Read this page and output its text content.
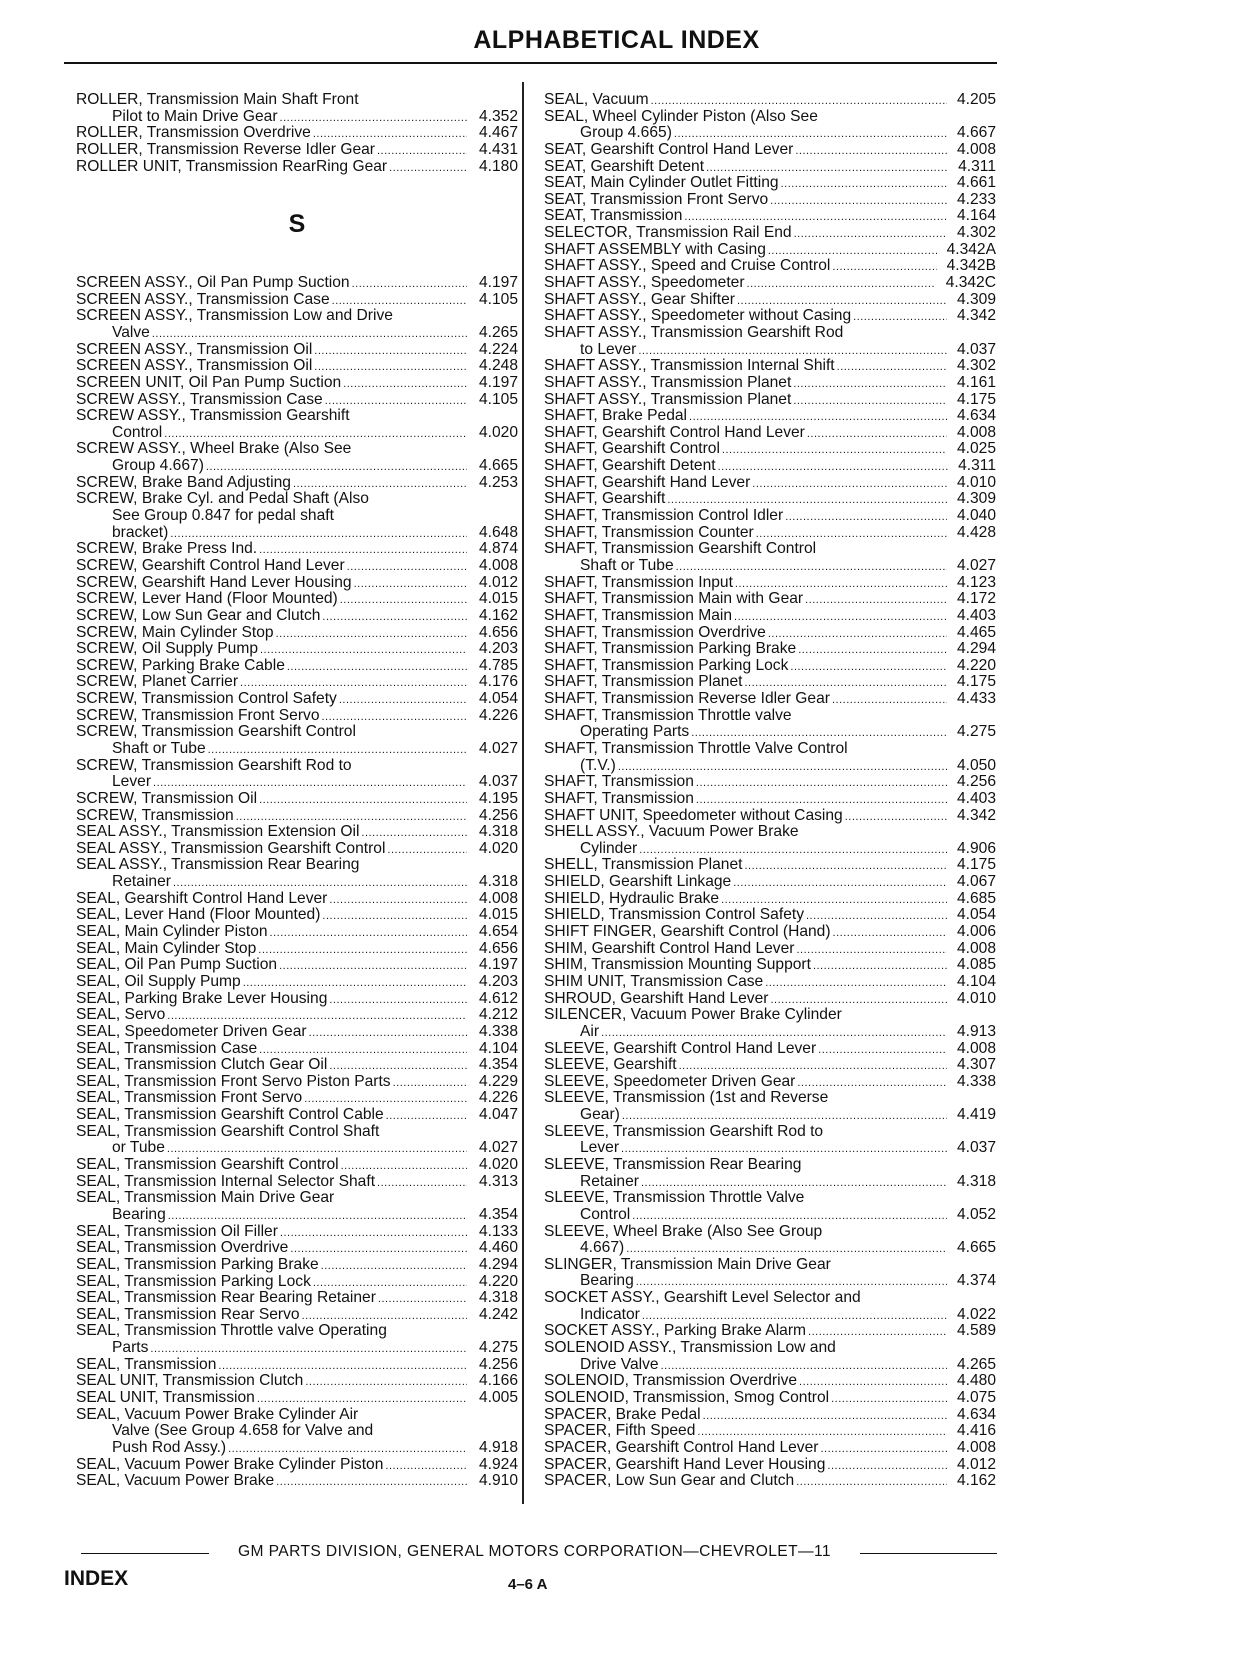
ALPHABETICAL INDEX
ROLLER, Transmission Main Shaft Front
Pilot to Main Drive Gear .....	4.352
ROLLER, Transmission Overdrive .....	4.467
ROLLER, Transmission Reverse Idler Gear .....	4.431
ROLLER UNIT, Transmission RearRing Gear .....	4.180
S
SCREEN ASSY., Oil Pan Pump Suction .....	4.197
SCREEN ASSY., Transmission Case .....	4.105
SCREEN ASSY., Transmission Low and Drive
Valve .....	4.265
SCREEN ASSY., Transmission Oil .....	4.224
SCREEN ASSY., Transmission Oil .....	4.248
SCREEN UNIT, Oil Pan Pump Suction .....	4.197
SCREW ASSY., Transmission Case .....	4.105
SCREW ASSY., Transmission Gearshift
Control .....	4.020
SCREW ASSY., Wheel Brake (Also See
Group 4.667) .....	4.665
SCREW, Brake Band Adjusting .....	4.253
SCREW, Brake Cyl. and Pedal Shaft (Also
See Group 0.847 for pedal shaft
bracket) .....	4.648
SCREW, Brake Press Ind. .....	4.874
SCREW, Gearshift Control Hand Lever .....	4.008
SCREW, Gearshift Hand Lever Housing .....	4.012
SCREW, Lever Hand (Floor Mounted) .....	4.015
SCREW, Low Sun Gear and Clutch .....	4.162
SCREW, Main Cylinder Stop .....	4.656
SCREW, Oil Supply Pump .....	4.203
SCREW, Parking Brake Cable .....	4.785
SCREW, Planet Carrier .....	4.176
SCREW, Transmission Control Safety .....	4.054
SCREW, Transmission Front Servo .....	4.226
SCREW, Transmission Gearshift Control
Shaft or Tube .....	4.027
SCREW, Transmission Gearshift Rod to
Lever .....	4.037
SCREW, Transmission Oil .....	4.195
SCREW, Transmission .....	4.256
SEAL ASSY., Transmission Extension Oil .....	4.318
SEAL ASSY., Transmission Gearshift Control .....	4.020
SEAL ASSY., Transmission Rear Bearing
Retainer .....	4.318
SEAL, Gearshift Control Hand Lever .....	4.008
SEAL, Lever Hand (Floor Mounted) .....	4.015
SEAL, Main Cylinder Piston .....	4.654
SEAL, Main Cylinder Stop .....	4.656
SEAL, Oil Pan Pump Suction .....	4.197
SEAL, Oil Supply Pump .....	4.203
SEAL, Parking Brake Lever Housing .....	4.612
SEAL, Servo .....	4.212
SEAL, Speedometer Driven Gear .....	4.338
SEAL, Transmission Case .....	4.104
SEAL, Transmission Clutch Gear Oil .....	4.354
SEAL, Transmission Front Servo Piston Parts .....	4.229
SEAL, Transmission Front Servo .....	4.226
SEAL, Transmission Gearshift Control Cable .....	4.047
SEAL, Transmission Gearshift Control Shaft
or Tube .....	4.027
SEAL, Transmission Gearshift Control .....	4.020
SEAL, Transmission Internal Selector Shaft .....	4.313
SEAL, Transmission Main Drive Gear
Bearing .....	4.354
SEAL, Transmission Oil Filler .....	4.133
SEAL, Transmission Overdrive .....	4.460
SEAL, Transmission Parking Brake .....	4.294
SEAL, Transmission Parking Lock .....	4.220
SEAL, Transmission Rear Bearing Retainer .....	4.318
SEAL, Transmission Rear Servo .....	4.242
SEAL, Transmission Throttle valve Operating
Parts .....	4.275
SEAL, Transmission .....	4.256
SEAL UNIT, Transmission Clutch .....	4.166
SEAL UNIT, Transmission .....	4.005
SEAL, Vacuum Power Brake Cylinder Air
Valve (See Group 4.658 for Valve and
Push Rod Assy.) .....	4.918
SEAL, Vacuum Power Brake Cylinder Piston .....	4.924
SEAL, Vacuum Power Brake .....	4.910
SEAL, Vacuum .....	4.205
SEAL, Wheel Cylinder Piston (Also See
Group 4.665) .....	4.667
SEAT, Gearshift Control Hand Lever .....	4.008
SEAT, Gearshift Detent .....	4.311
SEAT, Main Cylinder Outlet Fitting .....	4.661
SEAT, Transmission Front Servo .....	4.233
SEAT, Transmission .....	4.164
SELECTOR, Transmission Rail End .....	4.302
SHAFT ASSEMBLY with Casing .....	4.342A
SHAFT ASSY., Speed and Cruise Control .....	4.342B
SHAFT ASSY., Speedometer .....	4.342C
SHAFT ASSY., Gear Shifter .....	4.309
SHAFT ASSY., Speedometer without Casing .....	4.342
SHAFT ASSY., Transmission Gearshift Rod
to Lever .....	4.037
SHAFT ASSY., Transmission Internal Shift .....	4.302
SHAFT ASSY., Transmission Planet .....	4.161
SHAFT ASSY., Transmission Planet .....	4.175
SHAFT, Brake Pedal .....	4.634
SHAFT, Gearshift Control Hand Lever .....	4.008
SHAFT, Gearshift Control .....	4.025
SHAFT, Gearshift Detent .....	4.311
SHAFT, Gearshift Hand Lever .....	4.010
SHAFT, Gearshift .....	4.309
SHAFT, Transmission Control Idler .....	4.040
SHAFT, Transmission Counter .....	4.428
SHAFT, Transmission Gearshift Control
Shaft or Tube .....	4.027
SHAFT, Transmission Input .....	4.123
SHAFT, Transmission Main with Gear .....	4.172
SHAFT, Transmission Main .....	4.403
SHAFT, Transmission Overdrive .....	4.465
SHAFT, Transmission Parking Brake .....	4.294
SHAFT, Transmission Parking Lock .....	4.220
SHAFT, Transmission Planet .....	4.175
SHAFT, Transmission Reverse Idler Gear .....	4.433
SHAFT, Transmission Throttle valve
Operating Parts .....	4.275
SHAFT, Transmission Throttle Valve Control
(T.V.) .....	4.050
SHAFT, Transmission .....	4.256
SHAFT, Transmission .....	4.403
SHAFT UNIT, Speedometer without Casing .....	4.342
SHELL ASSY., Vacuum Power Brake
Cylinder .....	4.906
SHELL, Transmission Planet .....	4.175
SHIELD, Gearshift Linkage .....	4.067
SHIELD, Hydraulic Brake .....	4.685
SHIELD, Transmission Control Safety .....	4.054
SHIFT FINGER, Gearshift Control (Hand) .....	4.006
SHIM, Gearshift Control Hand Lever .....	4.008
SHIM, Transmission Mounting Support .....	4.085
SHIM UNIT, Transmission Case .....	4.104
SHROUD, Gearshift Hand Lever .....	4.010
SILENCER, Vacuum Power Brake Cylinder
Air .....	4.913
SLEEVE, Gearshift Control Hand Lever .....	4.008
SLEEVE, Gearshift .....	4.307
SLEEVE, Speedometer Driven Gear .....	4.338
SLEEVE, Transmission (1st and Reverse
Gear) .....	4.419
SLEEVE, Transmission Gearshift Rod to
Lever .....	4.037
SLEEVE, Transmission Rear Bearing
Retainer .....	4.318
SLEEVE, Transmission Throttle Valve
Control .....	4.052
SLEEVE, Wheel Brake (Also See Group
4.667) .....	4.665
SLINGER, Transmission Main Drive Gear
Bearing .....	4.374
SOCKET ASSY., Gearshift Level Selector and
Indicator .....	4.022
SOCKET ASSY., Parking Brake Alarm .....	4.589
SOLENOID ASSY., Transmission Low and
Drive Valve .....	4.265
SOLENOID, Transmission Overdrive .....	4.480
SOLENOID, Transmission, Smog Control .....	4.075
SPACER, Brake Pedal .....	4.634
SPACER, Fifth Speed .....	4.416
SPACER, Gearshift Control Hand Lever .....	4.008
SPACER, Gearshift Hand Lever Housing .....	4.012
SPACER, Low Sun Gear and Clutch .....	4.162
GM PARTS DIVISION, GENERAL MOTORS CORPORATION—CHEVROLET—11
INDEX	4–6 A
